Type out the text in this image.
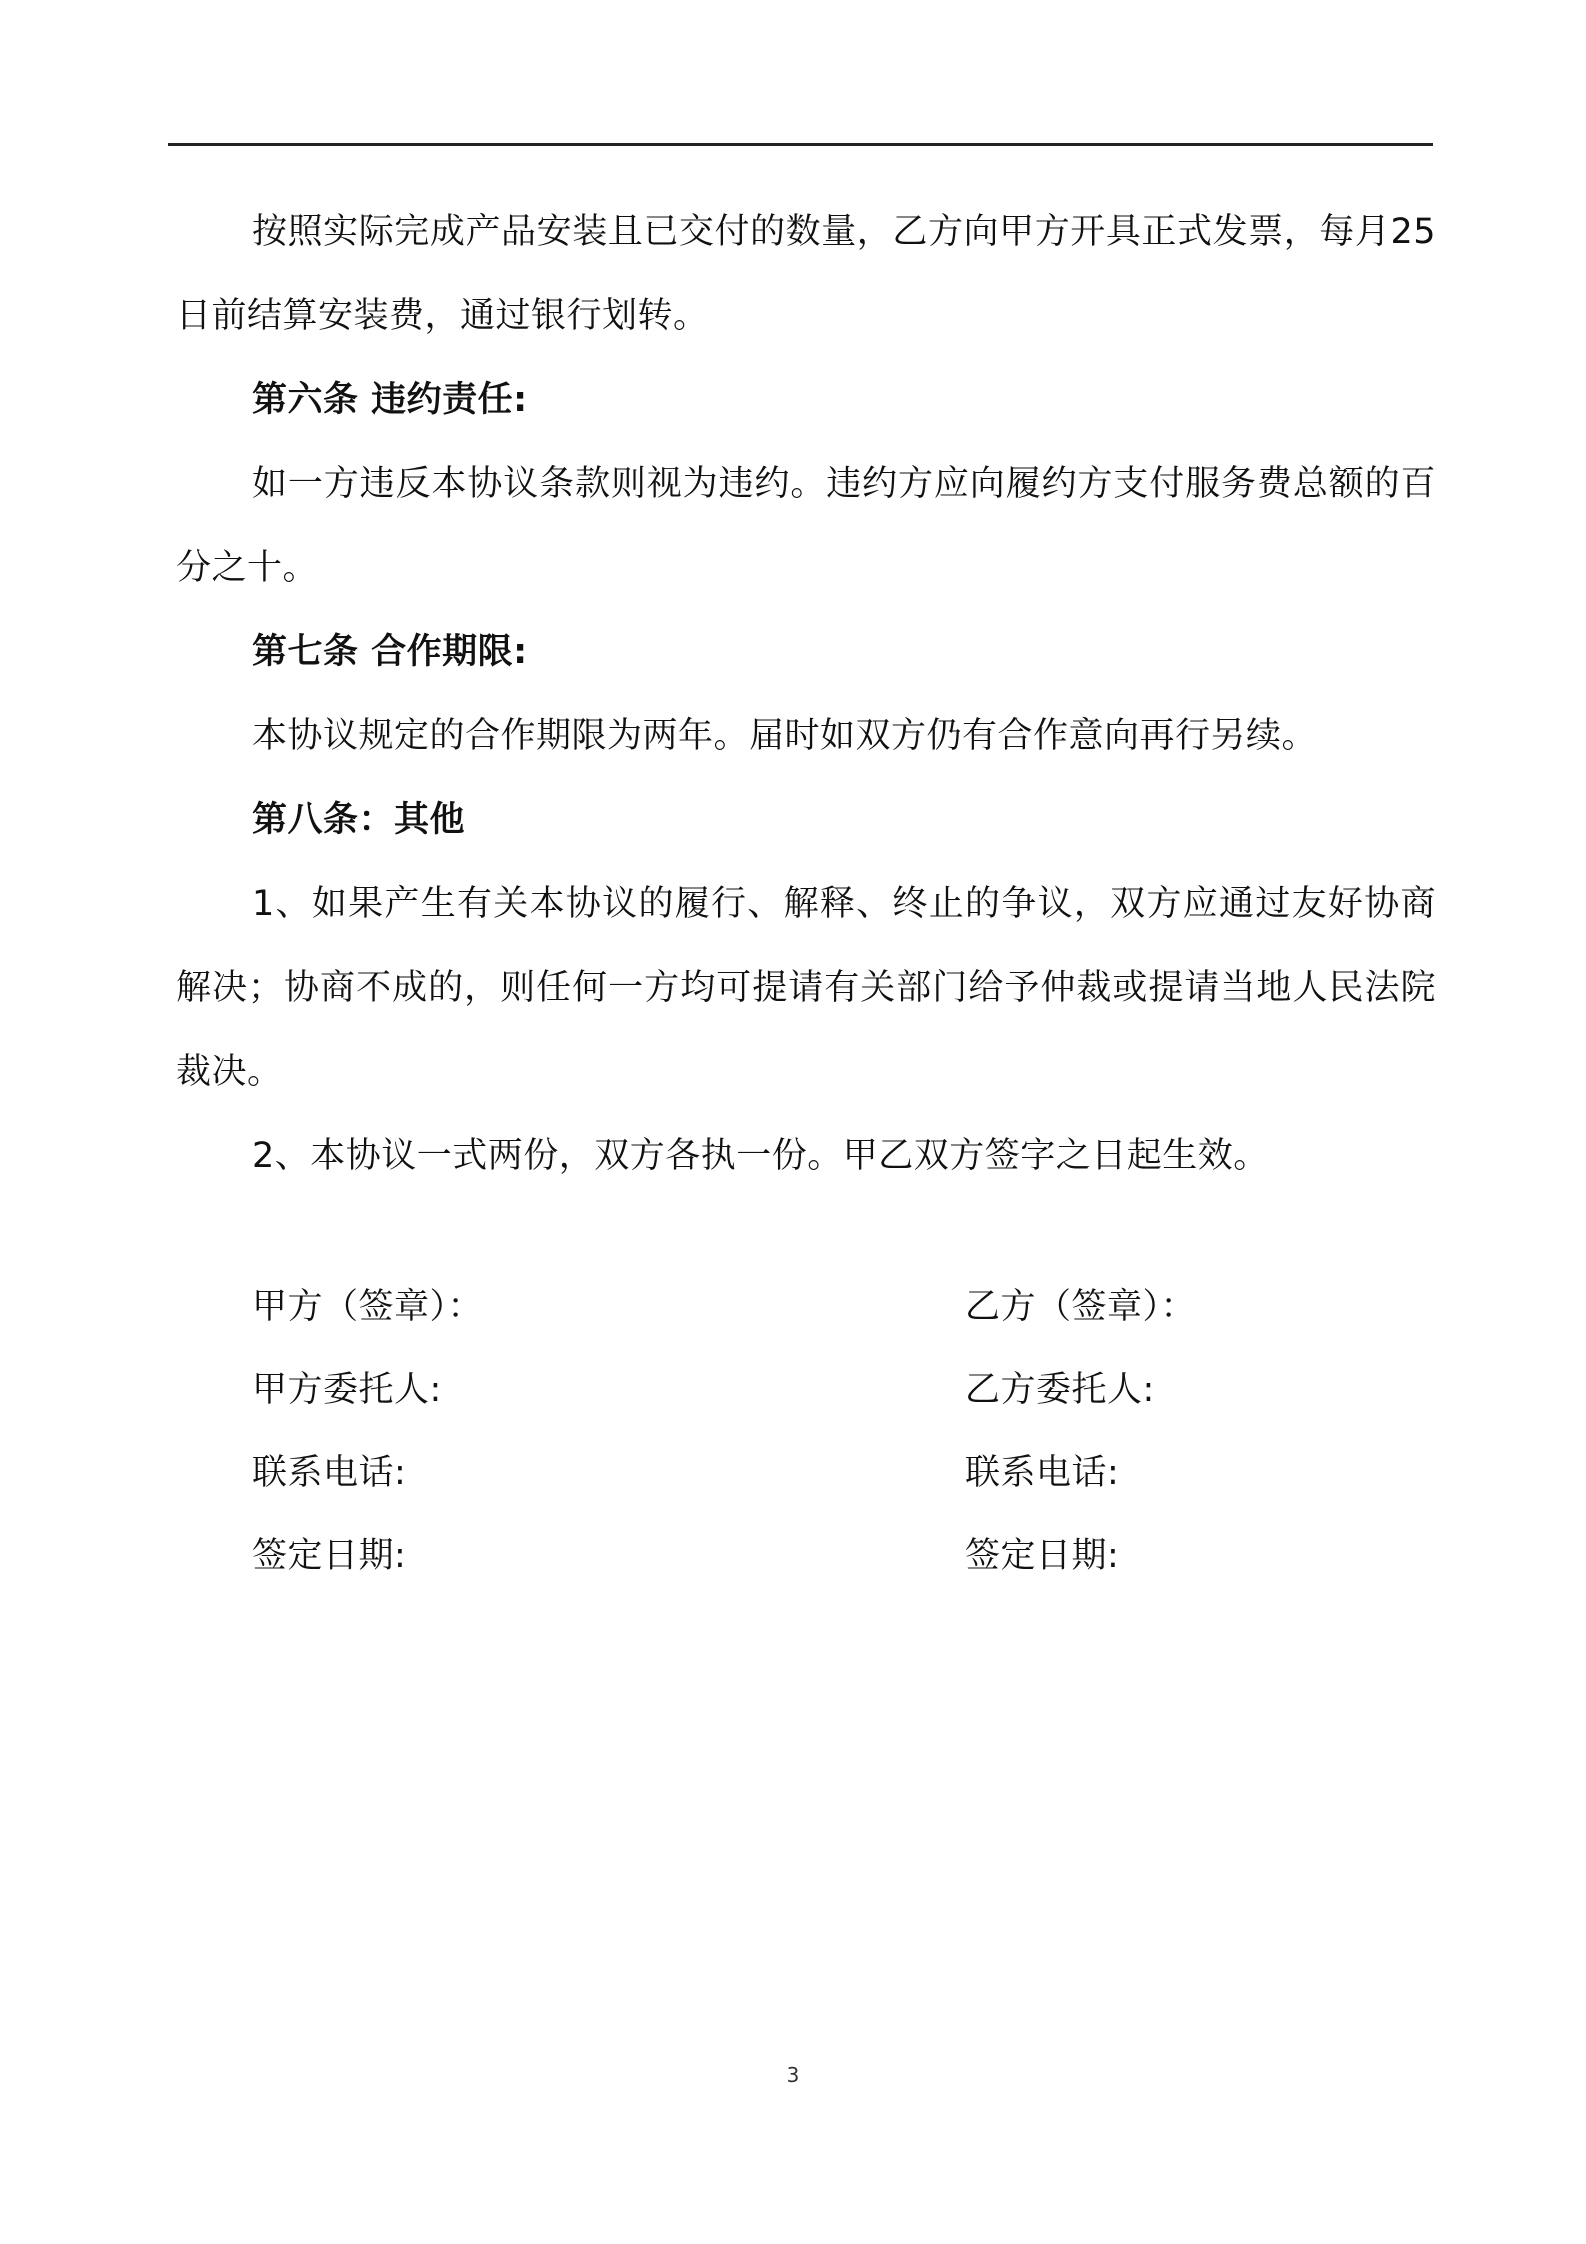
按照实际完成产品安装且已交付的数量，乙方向甲方开具正式发票，每月25日前结算安装费，通过银行划转。

第六条 违约责任:

如一方违反本协议条款则视为违约。违约方应向履约方支付服务费总额的百分之十。

第七条 合作期限:

本协议规定的合作期限为两年。届时如双方仍有合作意向再行另续。

第八条：其他

1、如果产生有关本协议的履行、解释、终止的争议，双方应通过友好协商解决；协商不成的，则任何一方均可提请有关部门给予仲裁或提请当地人民法院裁决。

2、本协议一式两份，双方各执一份。甲乙双方签字之日起生效。

甲方（签章）：	乙方（签章）：
甲方委托人:	乙方委托人:
联系电话:	联系电话:
签定日期:	签定日期:
3
